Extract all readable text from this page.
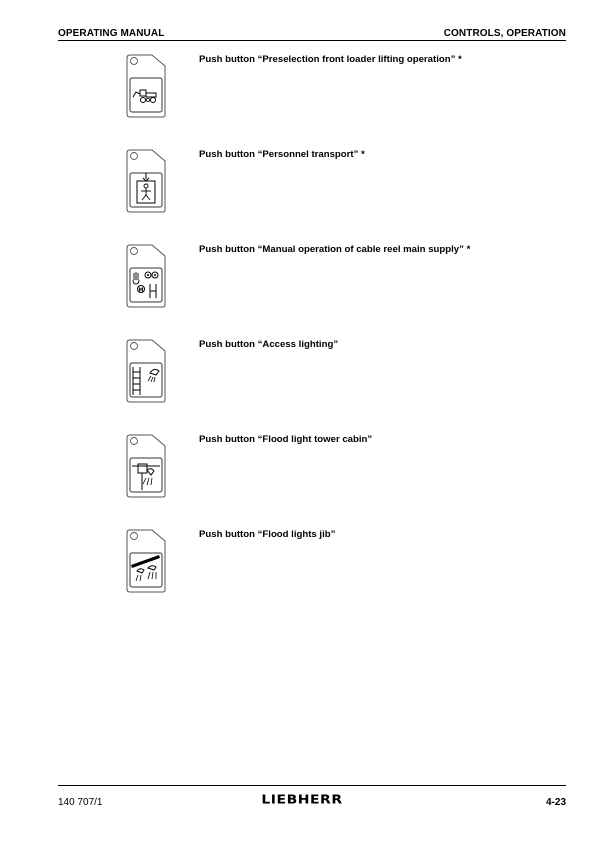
OPERATING MANUAL	CONTROLS, OPERATION
Push button “Preselection front loader lifting operation” *
Push button “Personnel transport” *
M
Push button “Manual operation of cable reel main supply” *
Push button “Access lighting”
Push button “Flood light tower cabin”
Push button “Flood lights jib”
140 707/1	LIEBHERR	4-23
